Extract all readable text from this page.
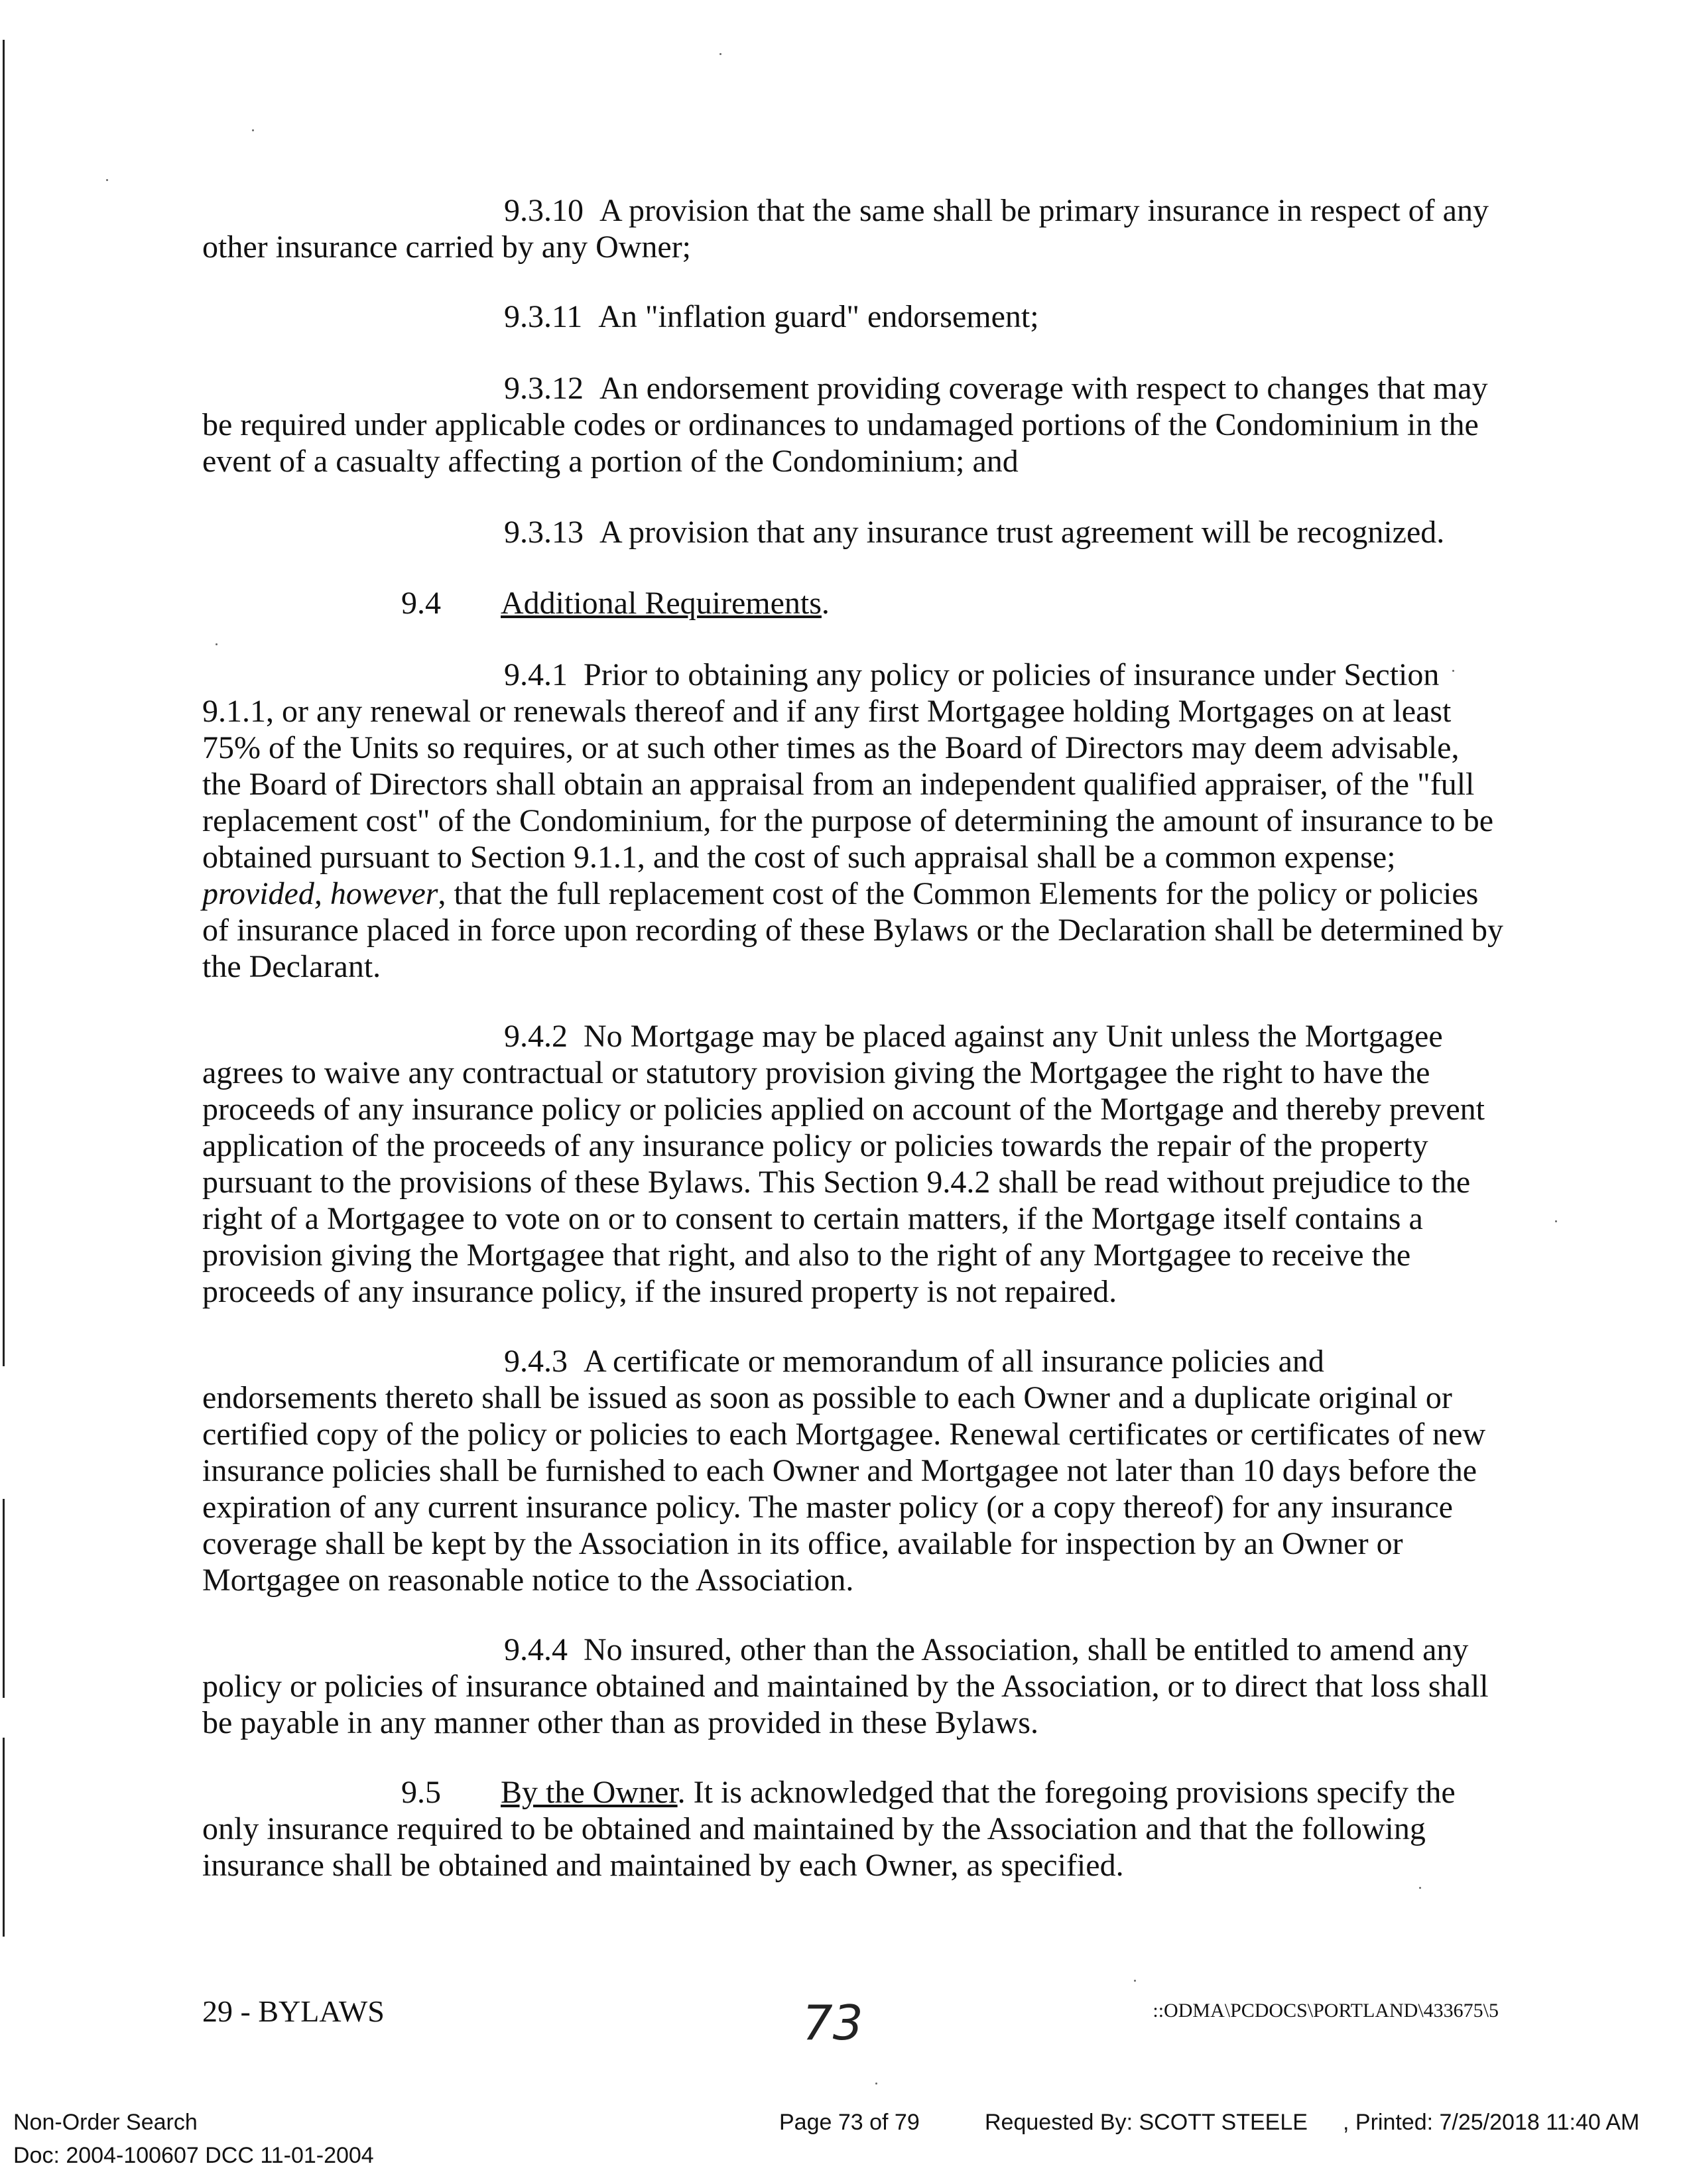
9.3.10 A provision that the same shall be primary insurance in respect of any other insurance carried by any Owner;

9.3.11 An "inflation guard" endorsement;

9.3.12 An endorsement providing coverage with respect to changes that may be required under applicable codes or ordinances to undamaged portions of the Condominium in the event of a casualty affecting a portion of the Condominium; and

9.3.13 A provision that any insurance trust agreement will be recognized.

9.4 Additional Requirements.

9.4.1 Prior to obtaining any policy or policies of insurance under Section 9.1.1, or any renewal or renewals thereof and if any first Mortgagee holding Mortgages on at least 75% of the Units so requires, or at such other times as the Board of Directors may deem advisable, the Board of Directors shall obtain an appraisal from an independent qualified appraiser, of the "full replacement cost" of the Condominium, for the purpose of determining the amount of insurance to be obtained pursuant to Section 9.1.1, and the cost of such appraisal shall be a common expense; provided, however, that the full replacement cost of the Common Elements for the policy or policies of insurance placed in force upon recording of these Bylaws or the Declaration shall be determined by the Declarant.

9.4.2 No Mortgage may be placed against any Unit unless the Mortgagee agrees to waive any contractual or statutory provision giving the Mortgagee the right to have the proceeds of any insurance policy or policies applied on account of the Mortgage and thereby prevent application of the proceeds of any insurance policy or policies towards the repair of the property pursuant to the provisions of these Bylaws. This Section 9.4.2 shall be read without prejudice to the right of a Mortgagee to vote on or to consent to certain matters, if the Mortgage itself contains a provision giving the Mortgagee that right, and also to the right of any Mortgagee to receive the proceeds of any insurance policy, if the insured property is not repaired.

9.4.3 A certificate or memorandum of all insurance policies and endorsements thereto shall be issued as soon as possible to each Owner and a duplicate original or certified copy of the policy or policies to each Mortgagee. Renewal certificates or certificates of new insurance policies shall be furnished to each Owner and Mortgagee not later than 10 days before the expiration of any current insurance policy. The master policy (or a copy thereof) for any insurance coverage shall be kept by the Association in its office, available for inspection by an Owner or Mortgagee on reasonable notice to the Association.

9.4.4 No insured, other than the Association, shall be entitled to amend any policy or policies of insurance obtained and maintained by the Association, or to direct that loss shall be payable in any manner other than as provided in these Bylaws.

9.5 By the Owner. It is acknowledged that the foregoing provisions specify the only insurance required to be obtained and maintained by the Association and that the following insurance shall be obtained and maintained by each Owner, as specified.

29 - BYLAWS	73	::ODMA\PCDOCS\PORTLAND\433675\5
Non-Order Search
Doc: 2004-100607 DCC 11-01-2004
Page 73 of 79	Requested By: SCOTT STEELE , Printed: 7/25/2018 11:40 AM
